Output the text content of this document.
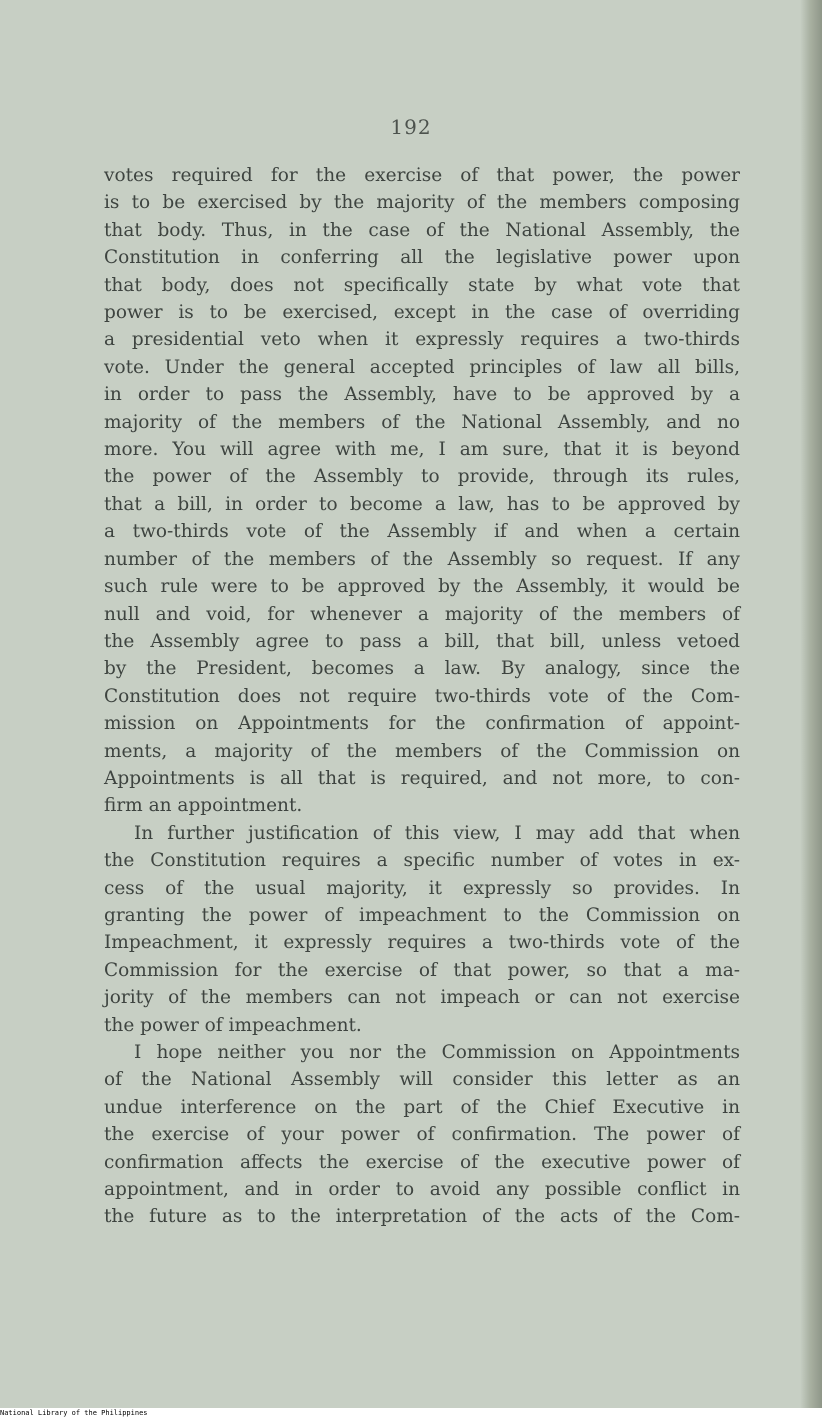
192
votes required for the exercise of that power, the power
is to be exercised by the majority of the members composing
that body. Thus, in the case of the National Assembly, the
Constitution in conferring all the legislative power upon
that body, does not specifically state by what vote that
power is to be exercised, except in the case of overriding
a presidential veto when it expressly requires a two-thirds
vote. Under the general accepted principles of law all bills,
in order to pass the Assembly, have to be approved by a
majority of the members of the National Assembly, and no
more. You will agree with me, I am sure, that it is beyond
the power of the Assembly to provide, through its rules,
that a bill, in order to become a law, has to be approved by
a two-thirds vote of the Assembly if and when a certain
number of the members of the Assembly so request. If any
such rule were to be approved by the Assembly, it would be
null and void, for whenever a majority of the members of
the Assembly agree to pass a bill, that bill, unless vetoed
by the President, becomes a law. By analogy, since the
Constitution does not require two-thirds vote of the Com-
mission on Appointments for the confirmation of appoint-
ments, a majority of the members of the Commission on
Appointments is all that is required, and not more, to con-
firm an appointment.
In further justification of this view, I may add that when
the Constitution requires a specific number of votes in ex-
cess of the usual majority, it expressly so provides. In
granting the power of impeachment to the Commission on
Impeachment, it expressly requires a two-thirds vote of the
Commission for the exercise of that power, so that a ma-
jority of the members can not impeach or can not exercise
the power of impeachment.
I hope neither you nor the Commission on Appointments
of the National Assembly will consider this letter as an
undue interference on the part of the Chief Executive in
the exercise of your power of confirmation. The power of
confirmation affects the exercise of the executive power of
appointment, and in order to avoid any possible conflict in
the future as to the interpretation of the acts of the Com-
National Library of the Philippines
